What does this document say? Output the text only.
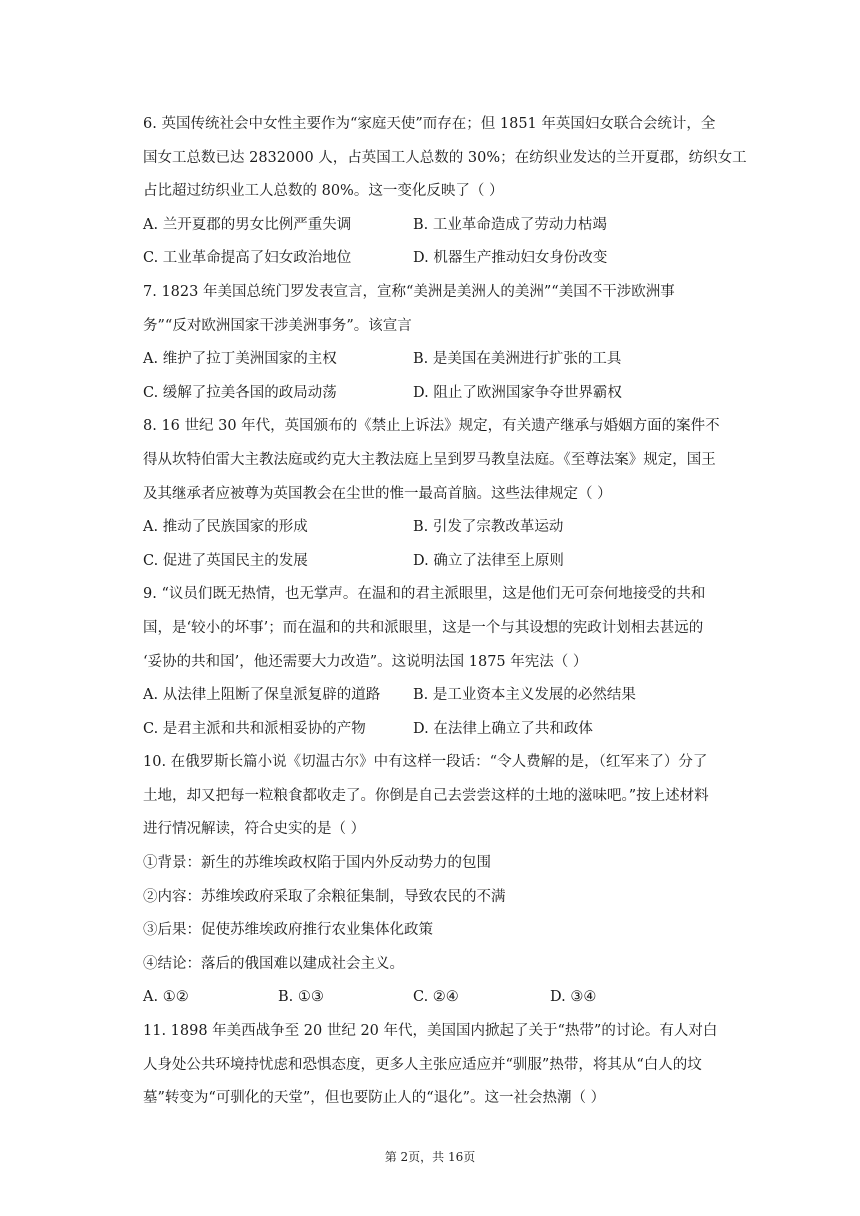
6. 英国传统社会中女性主要作为“家庭天使”而存在；但 1851 年英国妇女联合会统计，全
国女工总数已达 2832000 人，占英国工人总数的 30%；在纺织业发达的兰开夏郡，纺织女工
占比超过纺织业工人总数的 80%。这一变化反映了（ ）
A. 兰开夏郡的男女比例严重失调	B. 工业革命造成了劳动力枯竭
C. 工业革命提高了妇女政治地位	D. 机器生产推动妇女身份改变
7. 1823 年美国总统门罗发表宣言，宣称“美洲是美洲人的美洲”“美国不干涉欧洲事
务”“反对欧洲国家干涉美洲事务”。该宣言
A. 维护了拉丁美洲国家的主权	B. 是美国在美洲进行扩张的工具
C. 缓解了拉美各国的政局动荡	D. 阻止了欧洲国家争夺世界霸权
8. 16 世纪 30 年代，英国颁布的《禁止上诉法》规定，有关遗产继承与婚姻方面的案件不
得从坎特伯雷大主教法庭或约克大主教法庭上呈到罗马教皇法庭。《至尊法案》规定，国王
及其继承者应被尊为英国教会在尘世的惟一最高首脑。这些法律规定（ ）
A. 推动了民族国家的形成	B. 引发了宗教改革运动
C. 促进了英国民主的发展	D. 确立了法律至上原则
9. “议员们既无热情，也无掌声。在温和的君主派眼里，这是他们无可奈何地接受的共和
国，是‘较小的坏事’；而在温和的共和派眼里，这是一个与其设想的宪政计划相去甚远的
‘妥协的共和国’，他还需要大力改造”。这说明法国 1875 年宪法（ ）
A. 从法律上阻断了保皇派复辟的道路 B. 是工业资本主义发展的必然结果
C. 是君主派和共和派相妥协的产物	D. 在法律上确立了共和政体
10. 在俄罗斯长篇小说《切温古尔》中有这样一段话：“令人费解的是，（红军来了）分了
土地，却又把每一粒粮食都收走了。你倒是自己去尝尝这样的土地的滋味吧。”按上述材料
进行情况解读，符合史实的是（ ）
①背景：新生的苏维埃政权陷于国内外反动势力的包围
②内容：苏维埃政府采取了余粮征集制，导致农民的不满
③后果：促使苏维埃政府推行农业集体化政策
④结论：落后的俄国难以建成社会主义。
A. ①②	B. ①③	C. ②④	D. ③④
11. 1898 年美西战争至 20 世纪 20 年代，美国国内掀起了关于“热带”的讨论。有人对白
人身处公共环境持忧虑和恐惧态度，更多人主张应适应并“驯服”热带，将其从“白人的坟
墓”转变为“可驯化的天堂”，但也要防止人的“退化”。这一社会热潮（ ）
第 2页，共 16页
